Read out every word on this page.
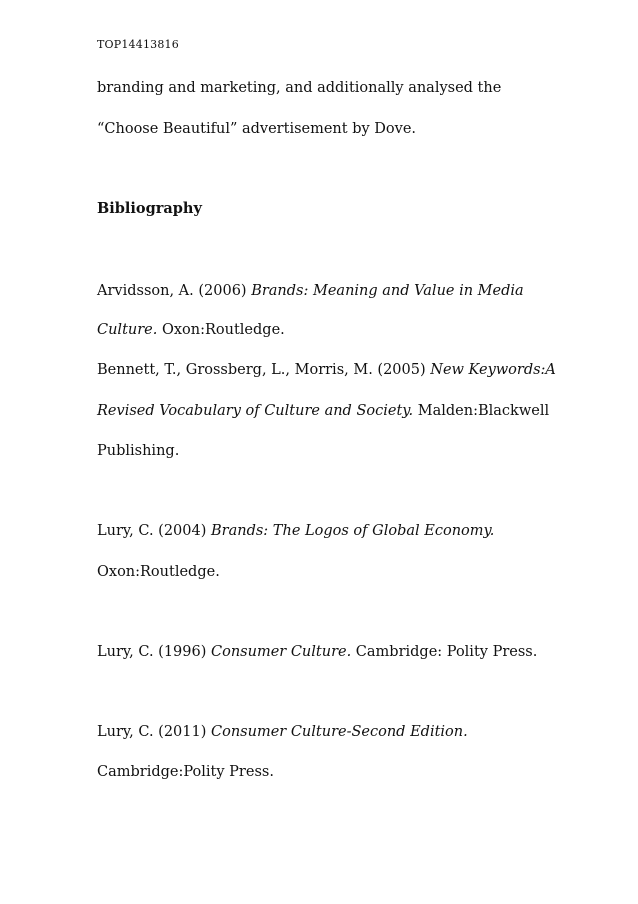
TOP14413816
branding and marketing, and additionally analysed the
“Choose Beautiful” advertisement by Dove.
Bibliography
Arvidsson, A. (2006) Brands: Meaning and Value in Media
Culture. Oxon:Routledge.
Bennett, T., Grossberg, L., Morris, M. (2005) New Keywords:A
Revised Vocabulary of Culture and Society. Malden:Blackwell
Publishing.
Lury, C. (2004) Brands: The Logos of Global Economy.
Oxon:Routledge.
Lury, C. (1996) Consumer Culture. Cambridge: Polity Press.
Lury, C. (2011) Consumer Culture-Second Edition.
Cambridge:Polity Press.
